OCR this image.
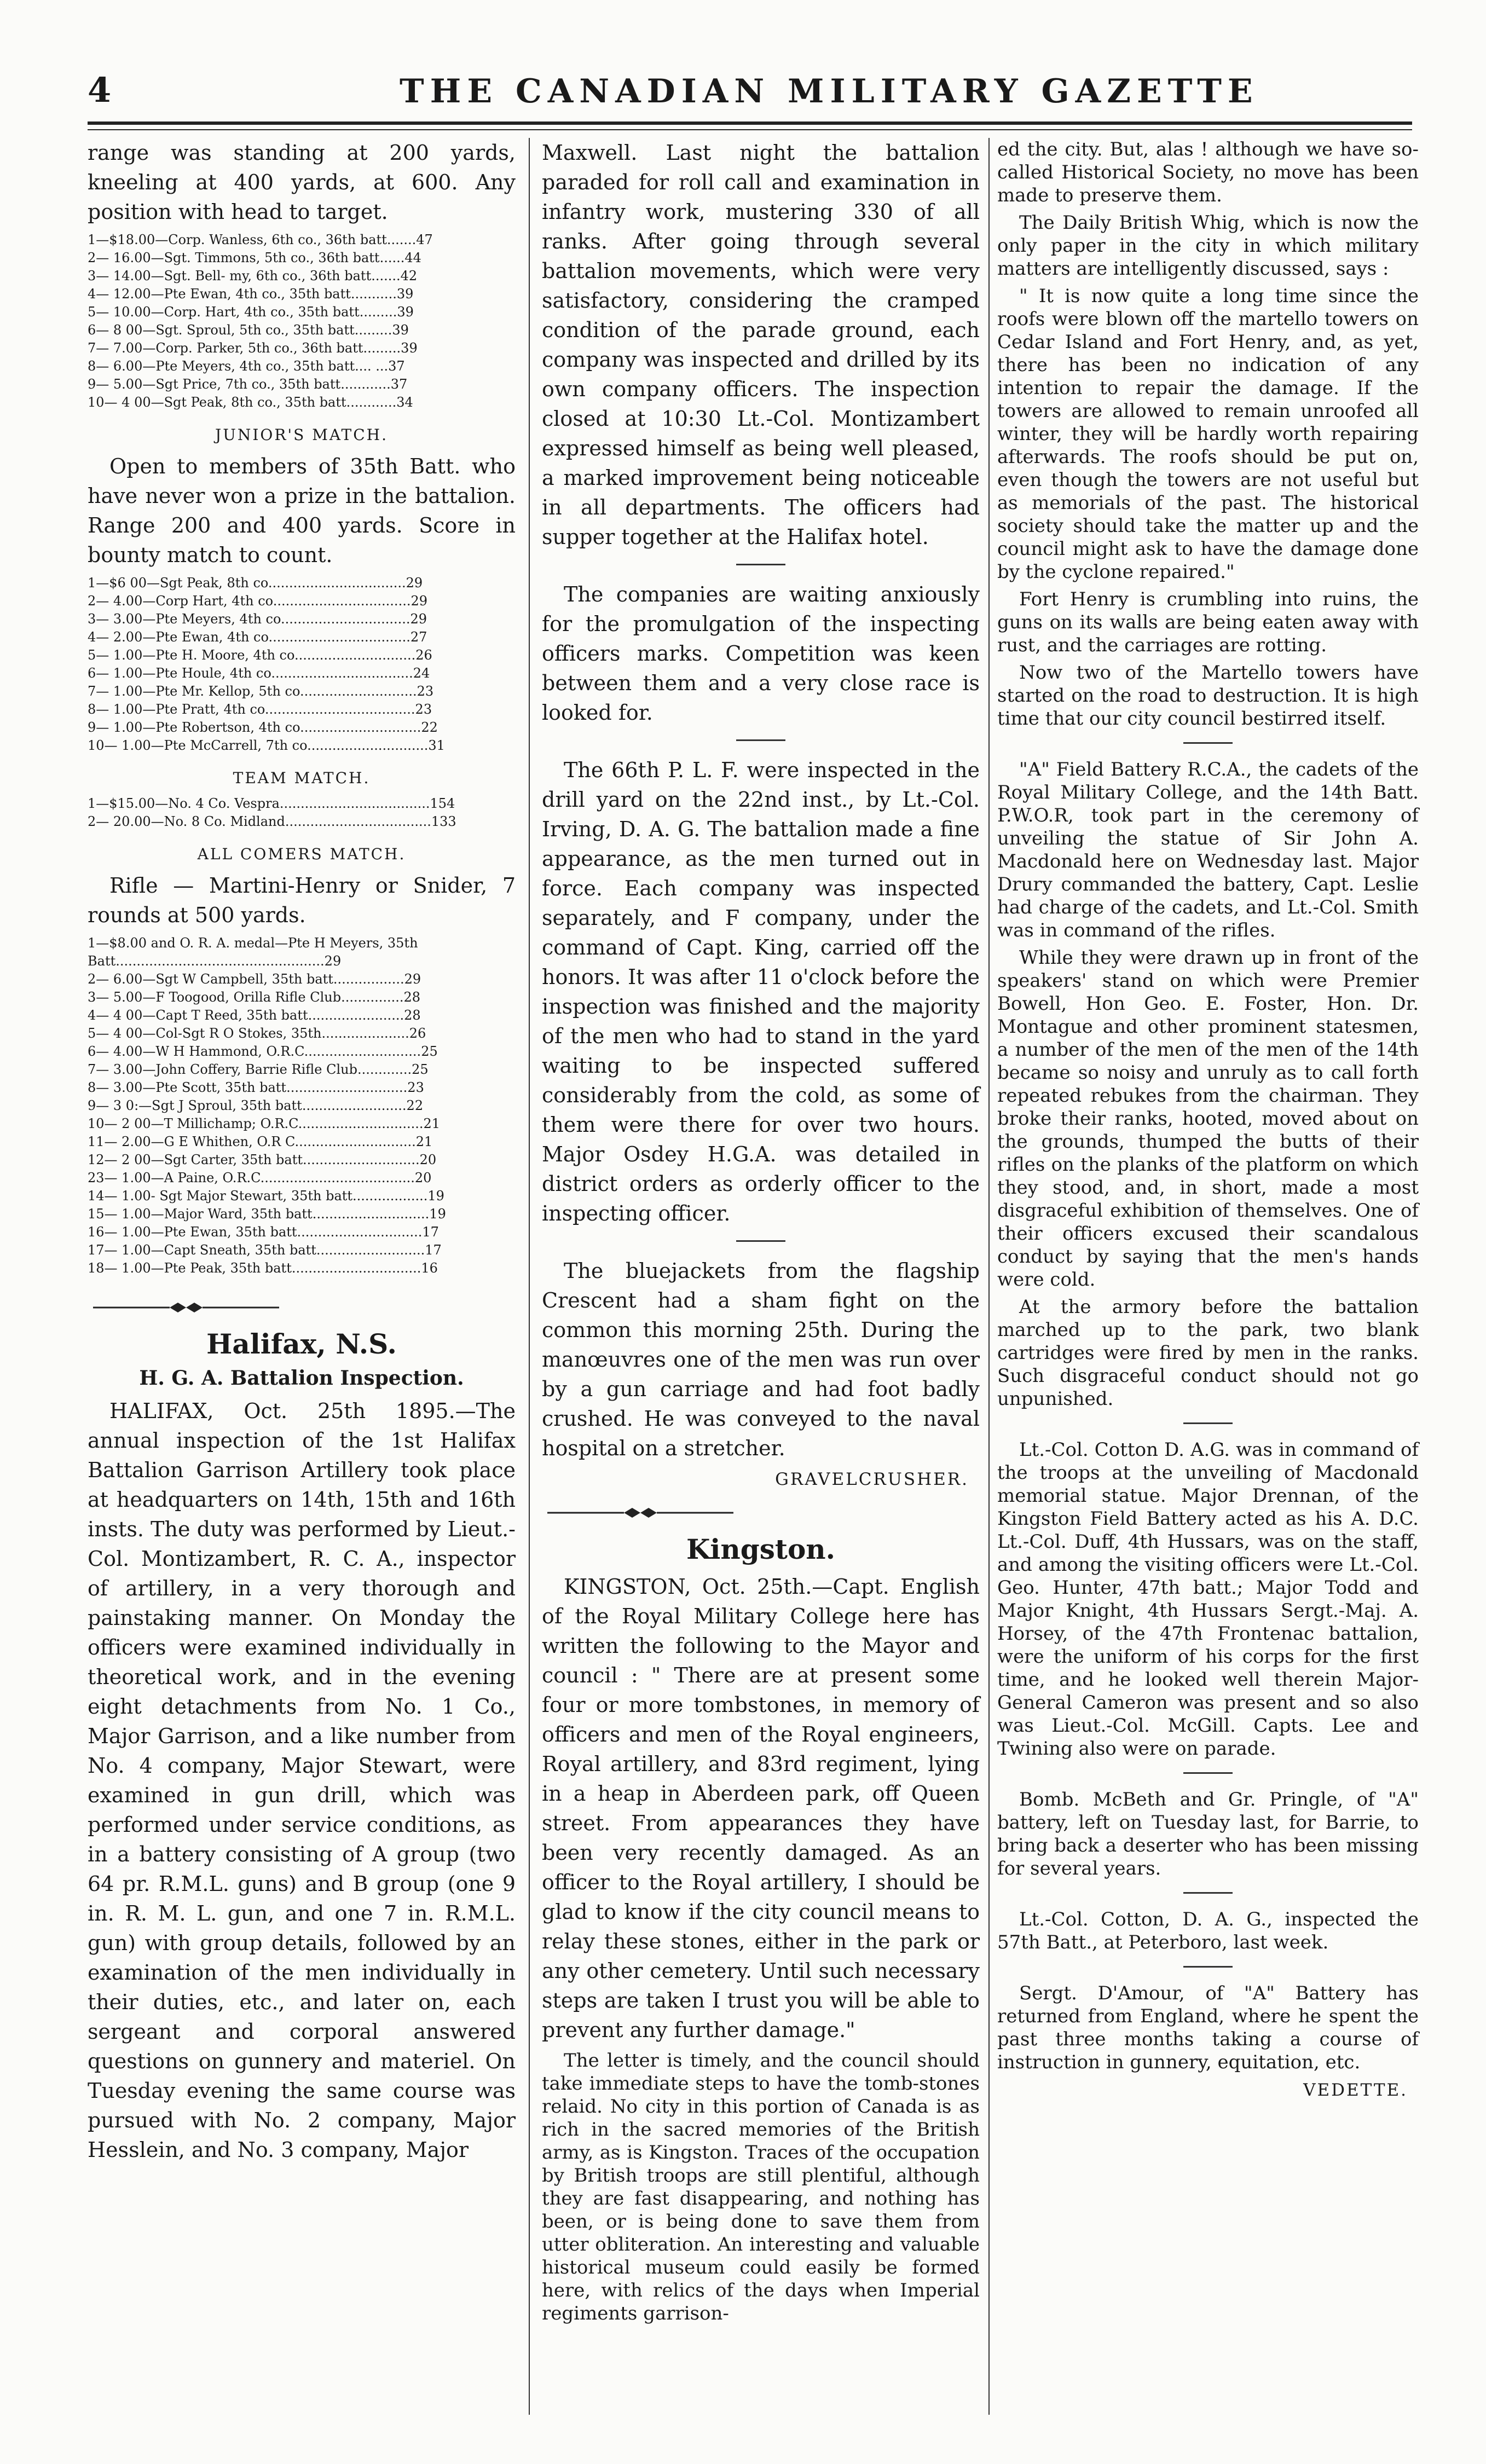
4	THE CANADIAN MILITARY GAZETTE

range was standing at 200 yards, kneeling at 400 yards, at 600. Any position with head to target.

1—$18.00—Corp. Wanless, 6th co., 36th batt.......47
2— 16.00—Sgt. Timmons, 5th co., 36th batt......44
3— 14.00—Sgt. Bell- my, 6th co., 36th batt.......42
4— 12.00—Pte Ewan, 4th co., 35th batt...........39
5— 10.00—Corp. Hart, 4th co., 35th batt.........39
6— 8 00—Sgt. Sproul, 5th co., 35th batt.........39
7— 7.00—Corp. Parker, 5th co., 36th batt.........39
8— 6.00—Pte Meyers, 4th co., 35th batt.... ...37
9— 5.00—Sgt Price, 7th co., 35th batt............37
10— 4 00—Sgt Peak, 8th co., 35th batt............34
JUNIOR'S MATCH.

Open to members of 35th Batt. who have never won a prize in the battalion. Range 200 and 400 yards. Score in bounty match to count.

1—$6 00—Sgt Peak, 8th co.................................29
2— 4.00—Corp Hart, 4th co.................................29
3— 3.00—Pte Meyers, 4th co...............................29
4— 2.00—Pte Ewan, 4th co..................................27
5— 1.00—Pte H. Moore, 4th co.............................26
6— 1.00—Pte Houle, 4th co..................................24
7— 1.00—Pte Mr. Kellop, 5th co............................23
8— 1.00—Pte Pratt, 4th co....................................23
9— 1.00—Pte Robertson, 4th co.............................22
10— 1.00—Pte McCarrell, 7th co.............................31
TEAM MATCH.
1—$15.00—No. 4 Co. Vespra....................................154
2— 20.00—No. 8 Co. Midland...................................133
ALL COMERS MATCH.

Rifle — Martini-Henry or Snider, 7 rounds at 500 yards.

1—$8.00 and O. R. A. medal—Pte H Meyers, 35th
Batt..................................................29
2— 6.00—Sgt W Campbell, 35th batt.................29
3— 5.00—F Toogood, Orilla Rifle Club...............28
4— 4 00—Capt T Reed, 35th batt.......................28
5— 4 00—Col-Sgt R O Stokes, 35th.....................26
6— 4.00—W H Hammond, O.R.C............................25
7— 3.00—John Coffery, Barrie Rifle Club.............25
8— 3.00—Pte Scott, 35th batt.............................23
9— 3 0:—Sgt J Sproul, 35th batt.........................22
10— 2 00—T Millichamp; O.R.C..............................21
11— 2.00—G E Whithen, O.R C.............................21
12— 2 00—Sgt Carter, 35th batt............................20
23— 1.00—A Paine, O.R.C.....................................20
14— 1.00- Sgt Major Stewart, 35th batt..................19
15— 1.00—Major Ward, 35th batt............................19
16— 1.00—Pte Ewan, 35th batt..............................17
17— 1.00—Capt Sneath, 35th batt..........................17
18— 1.00—Pte Peak, 35th batt...............................16
Halifax, N.S.
H. G. A. Battalion Inspection.

HALIFAX, Oct. 25th 1895.—The annual inspection of the 1st Halifax Battalion Garrison Artillery took place at headquarters on 14th, 15th and 16th insts. The duty was performed by Lieut.-Col. Montizambert, R. C. A., inspector of artillery, in a very thorough and painstaking manner. On Monday the officers were examined individually in theoretical work, and in the evening eight detachments from No. 1 Co., Major Garrison, and a like number from No. 4 company, Major Stewart, were examined in gun drill, which was performed under service conditions, as in a battery consisting of A group (two 64 pr. R.M.L. guns) and B group (one 9 in. R. M. L. gun, and one 7 in. R.M.L. gun) with group details, followed by an examination of the men individually in their duties, etc., and later on, each sergeant and corporal answered questions on gunnery and materiel. On Tuesday evening the same course was pursued with No. 2 company, Major Hesslein, and No. 3 company, Major

Maxwell. Last night the battalion paraded for roll call and examination in infantry work, mustering 330 of all ranks. After going through several battalion movements, which were very satisfactory, considering the cramped condition of the parade ground, each company was inspected and drilled by its own company officers. The inspection closed at 10:30 Lt.-Col. Montizambert expressed himself as being well pleased, a marked improvement being noticeable in all departments. The officers had supper together at the Halifax hotel.

The companies are waiting anxiously for the promulgation of the inspecting officers marks. Competition was keen between them and a very close race is looked for.

The 66th P. L. F. were inspected in the drill yard on the 22nd inst., by Lt.-Col. Irving, D. A. G. The battalion made a fine appearance, as the men turned out in force. Each company was inspected separately, and F company, under the command of Capt. King, carried off the honors. It was after 11 o'clock before the inspection was finished and the majority of the men who had to stand in the yard waiting to be inspected suffered considerably from the cold, as some of them were there for over two hours. Major Osdey H.G.A. was detailed in district orders as orderly officer to the inspecting officer.

The bluejackets from the flagship Crescent had a sham fight on the common this morning 25th. During the manœuvres one of the men was run over by a gun carriage and had foot badly crushed. He was conveyed to the naval hospital on a stretcher.

GRAVELCRUSHER.
Kingston.

KINGSTON, Oct. 25th.—Capt. English of the Royal Military College here has written the following to the Mayor and council : " There are at present some four or more tombstones, in memory of officers and men of the Royal engineers, Royal artillery, and 83rd regiment, lying in a heap in Aberdeen park, off Queen street. From appearances they have been very recently damaged. As an officer to the Royal artillery, I should be glad to know if the city council means to relay these stones, either in the park or any other cemetery. Until such necessary steps are taken I trust you will be able to prevent any further damage."

The letter is timely, and the council should take immediate steps to have the tomb-stones relaid. No city in this portion of Canada is as rich in the sacred memories of the British army, as is Kingston. Traces of the occupation by British troops are still plentiful, although they are fast disappearing, and nothing has been, or is being done to save them from utter obliteration. An interesting and valuable historical museum could easily be formed here, with relics of the days when Imperial regiments garrison-

ed the city. But, alas ! although we have so-called Historical Society, no move has been made to preserve them.

The Daily British Whig, which is now the only paper in the city in which military matters are intelligently discussed, says :

" It is now quite a long time since the roofs were blown off the martello towers on Cedar Island and Fort Henry, and, as yet, there has been no indication of any intention to repair the damage. If the towers are allowed to remain unroofed all winter, they will be hardly worth repairing afterwards. The roofs should be put on, even though the towers are not useful but as memorials of the past. The historical society should take the matter up and the council might ask to have the damage done by the cyclone repaired."

Fort Henry is crumbling into ruins, the guns on its walls are being eaten away with rust, and the carriages are rotting.

Now two of the Martello towers have started on the road to destruction. It is high time that our city council bestirred itself.

"A" Field Battery R.C.A., the cadets of the Royal Military College, and the 14th Batt. P.W.O.R, took part in the ceremony of unveiling the statue of Sir John A. Macdonald here on Wednesday last. Major Drury commanded the battery, Capt. Leslie had charge of the cadets, and Lt.-Col. Smith was in command of the rifles.

While they were drawn up in front of the speakers' stand on which were Premier Bowell, Hon Geo. E. Foster, Hon. Dr. Montague and other prominent statesmen, a number of the men of the men of the 14th became so noisy and unruly as to call forth repeated rebukes from the chairman. They broke their ranks, hooted, moved about on the grounds, thumped the butts of their rifles on the planks of the platform on which they stood, and, in short, made a most disgraceful exhibition of themselves. One of their officers excused their scandalous conduct by saying that the men's hands were cold.

At the armory before the battalion marched up to the park, two blank cartridges were fired by men in the ranks. Such disgraceful conduct should not go unpunished.

Lt.-Col. Cotton D. A.G. was in command of the troops at the unveiling of Macdonald memorial statue. Major Drennan, of the Kingston Field Battery acted as his A. D.C. Lt.-Col. Duff, 4th Hussars, was on the staff, and among the visiting officers were Lt.-Col. Geo. Hunter, 47th batt.; Major Todd and Major Knight, 4th Hussars Sergt.-Maj. A. Horsey, of the 47th Frontenac battalion, were the uniform of his corps for the first time, and he looked well therein Major-General Cameron was present and so also was Lieut.-Col. McGill. Capts. Lee and Twining also were on parade.

Bomb. McBeth and Gr. Pringle, of "A" battery, left on Tuesday last, for Barrie, to bring back a deserter who has been missing for several years.

Lt.-Col. Cotton, D. A. G., inspected the 57th Batt., at Peterboro, last week.

Sergt. D'Amour, of "A" Battery has returned from England, where he spent the past three months taking a course of instruction in gunnery, equitation, etc.

VEDETTE.
